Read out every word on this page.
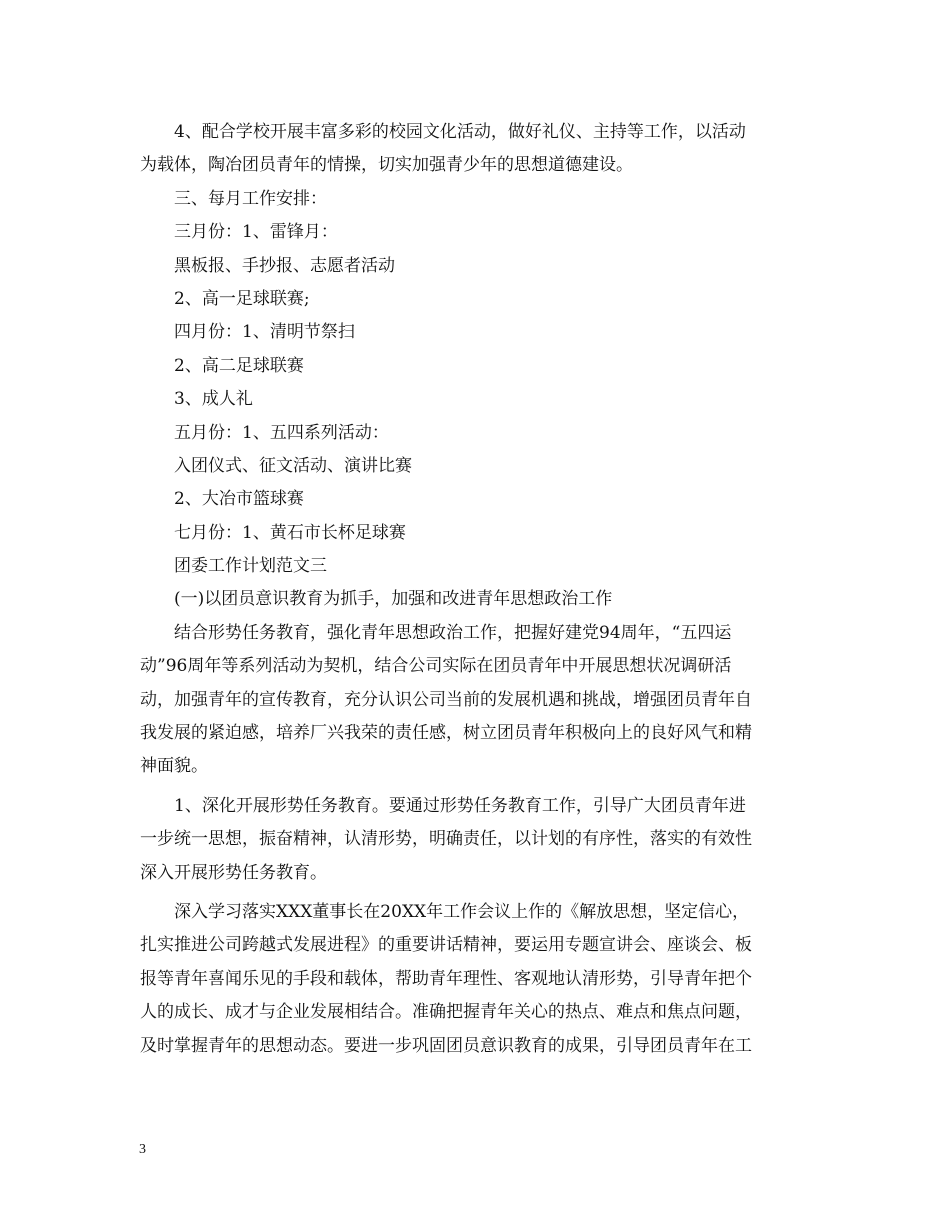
4、配合学校开展丰富多彩的校园文化活动，做好礼仪、主持等工作，以活动
为载体，陶冶团员青年的情操，切实加强青少年的思想道德建设。
三、每月工作安排：
三月份：1、雷锋月：
黑板报、手抄报、志愿者活动
2、高一足球联赛;
四月份：1、清明节祭扫
2、高二足球联赛
3、成人礼
五月份：1、五四系列活动：
入团仪式、征文活动、演讲比赛
2、大冶市篮球赛
七月份：1、黄石市长杯足球赛
团委工作计划范文三
(一)以团员意识教育为抓手，加强和改进青年思想政治工作
结合形势任务教育，强化青年思想政治工作，把握好建党94周年，“五四运
动”96周年等系列活动为契机，结合公司实际在团员青年中开展思想状况调研活
动，加强青年的宣传教育，充分认识公司当前的发展机遇和挑战，增强团员青年自
我发展的紧迫感，培养厂兴我荣的责任感，树立团员青年积极向上的良好风气和精
神面貌。
1、深化开展形势任务教育。要通过形势任务教育工作，引导广大团员青年进
一步统一思想，振奋精神，认清形势，明确责任，以计划的有序性，落实的有效性
深入开展形势任务教育。
深入学习落实XXX董事长在20XX年工作会议上作的《解放思想，坚定信心，
扎实推进公司跨越式发展进程》的重要讲话精神，要运用专题宣讲会、座谈会、板
报等青年喜闻乐见的手段和载体，帮助青年理性、客观地认清形势，引导青年把个
人的成长、成才与企业发展相结合。准确把握青年关心的热点、难点和焦点问题，
及时掌握青年的思想动态。要进一步巩固团员意识教育的成果，引导团员青年在工
3
